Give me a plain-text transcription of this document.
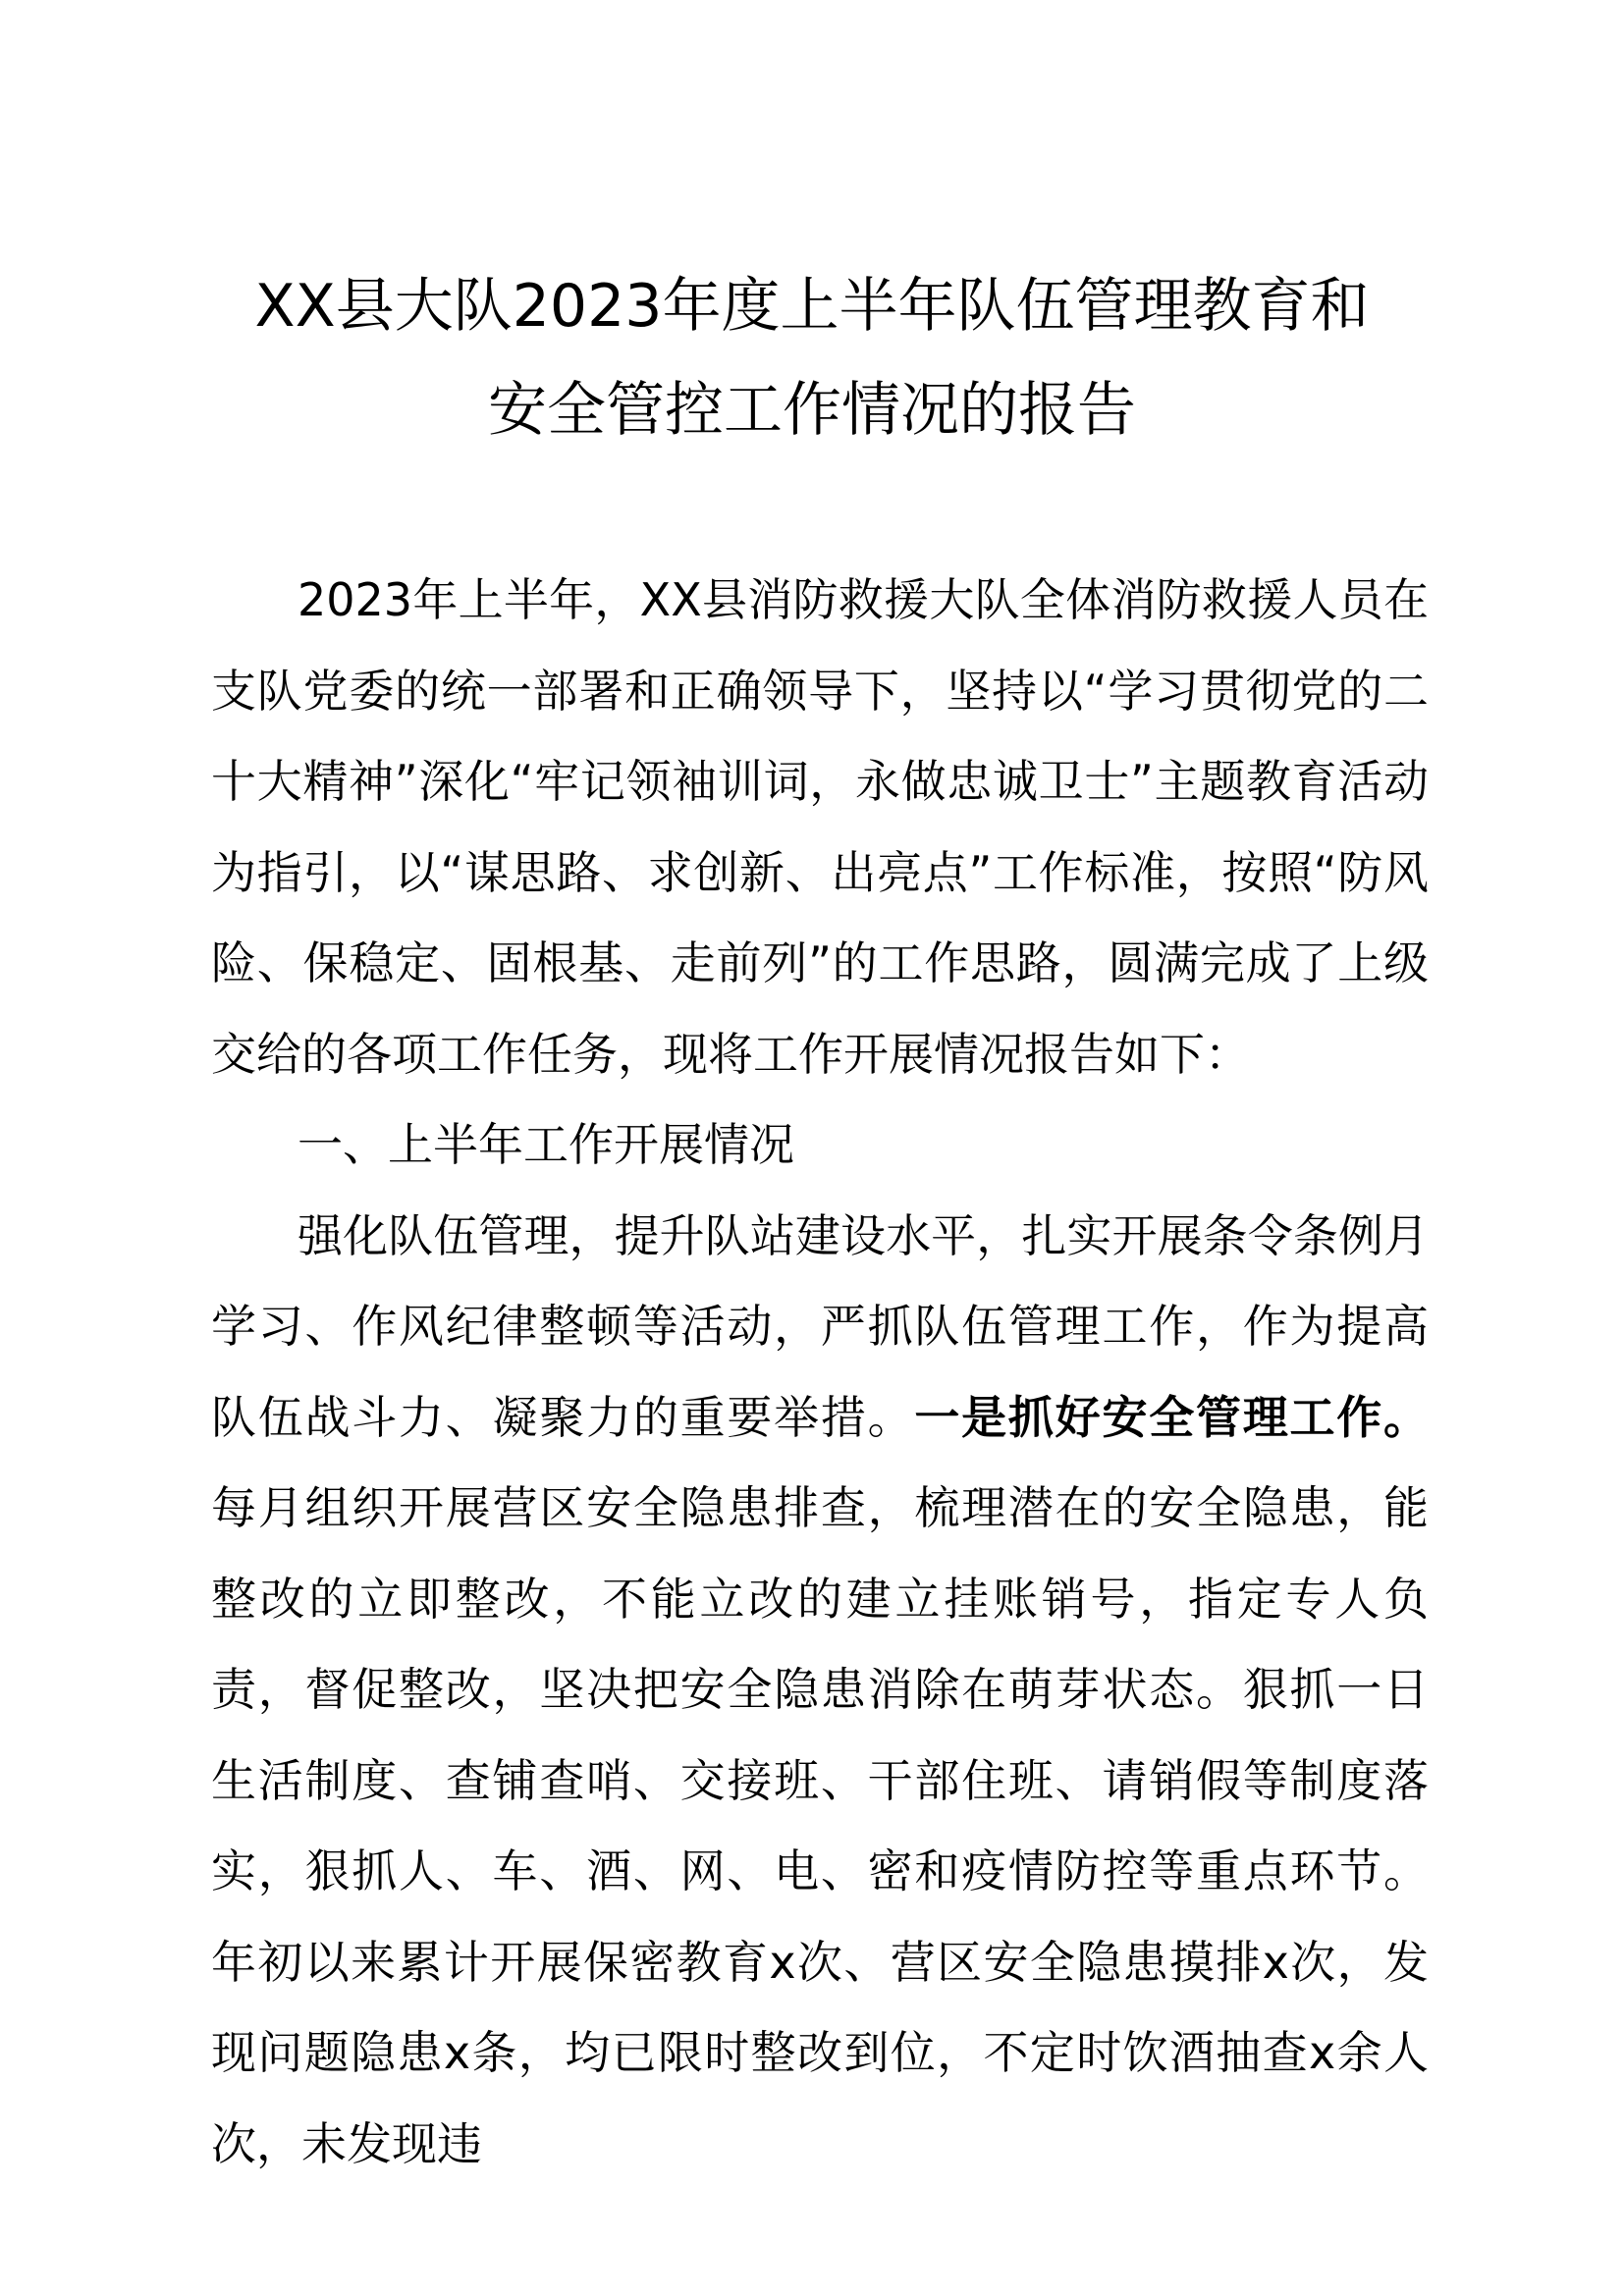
XX县大队2023年度上半年队伍管理教育和
安全管控工作情况的报告

2023年上半年，XX县消防救援大队全体消防救援人员在支队党委的统一部署和正确领导下，坚持以“学习贯彻党的二十大精神”深化“牢记领袖训词，永做忠诚卫士”主题教育活动为指引，以“谋思路、求创新、出亮点”工作标准，按照“防风险、保稳定、固根基、走前列”的工作思路，圆满完成了上级交给的各项工作任务，现将工作开展情况报告如下：

一、上半年工作开展情况

强化队伍管理，提升队站建设水平，扎实开展条令条例月学习、作风纪律整顿等活动，严抓队伍管理工作，作为提高队伍战斗力、凝聚力的重要举措。一是抓好安全管理工作。每月组织开展营区安全隐患排查，梳理潜在的安全隐患，能整改的立即整改，不能立改的建立挂账销号，指定专人负责，督促整改，坚决把安全隐患消除在萌芽状态。狠抓一日生活制度、查铺查哨、交接班、干部住班、请销假等制度落实，狠抓人、车、酒、网、电、密和疫情防控等重点环节。年初以来累计开展保密教育x次、营区安全隐患摸排x次，发现问题隐患x条，均已限时整改到位，不定时饮酒抽查x余人次，未发现违
